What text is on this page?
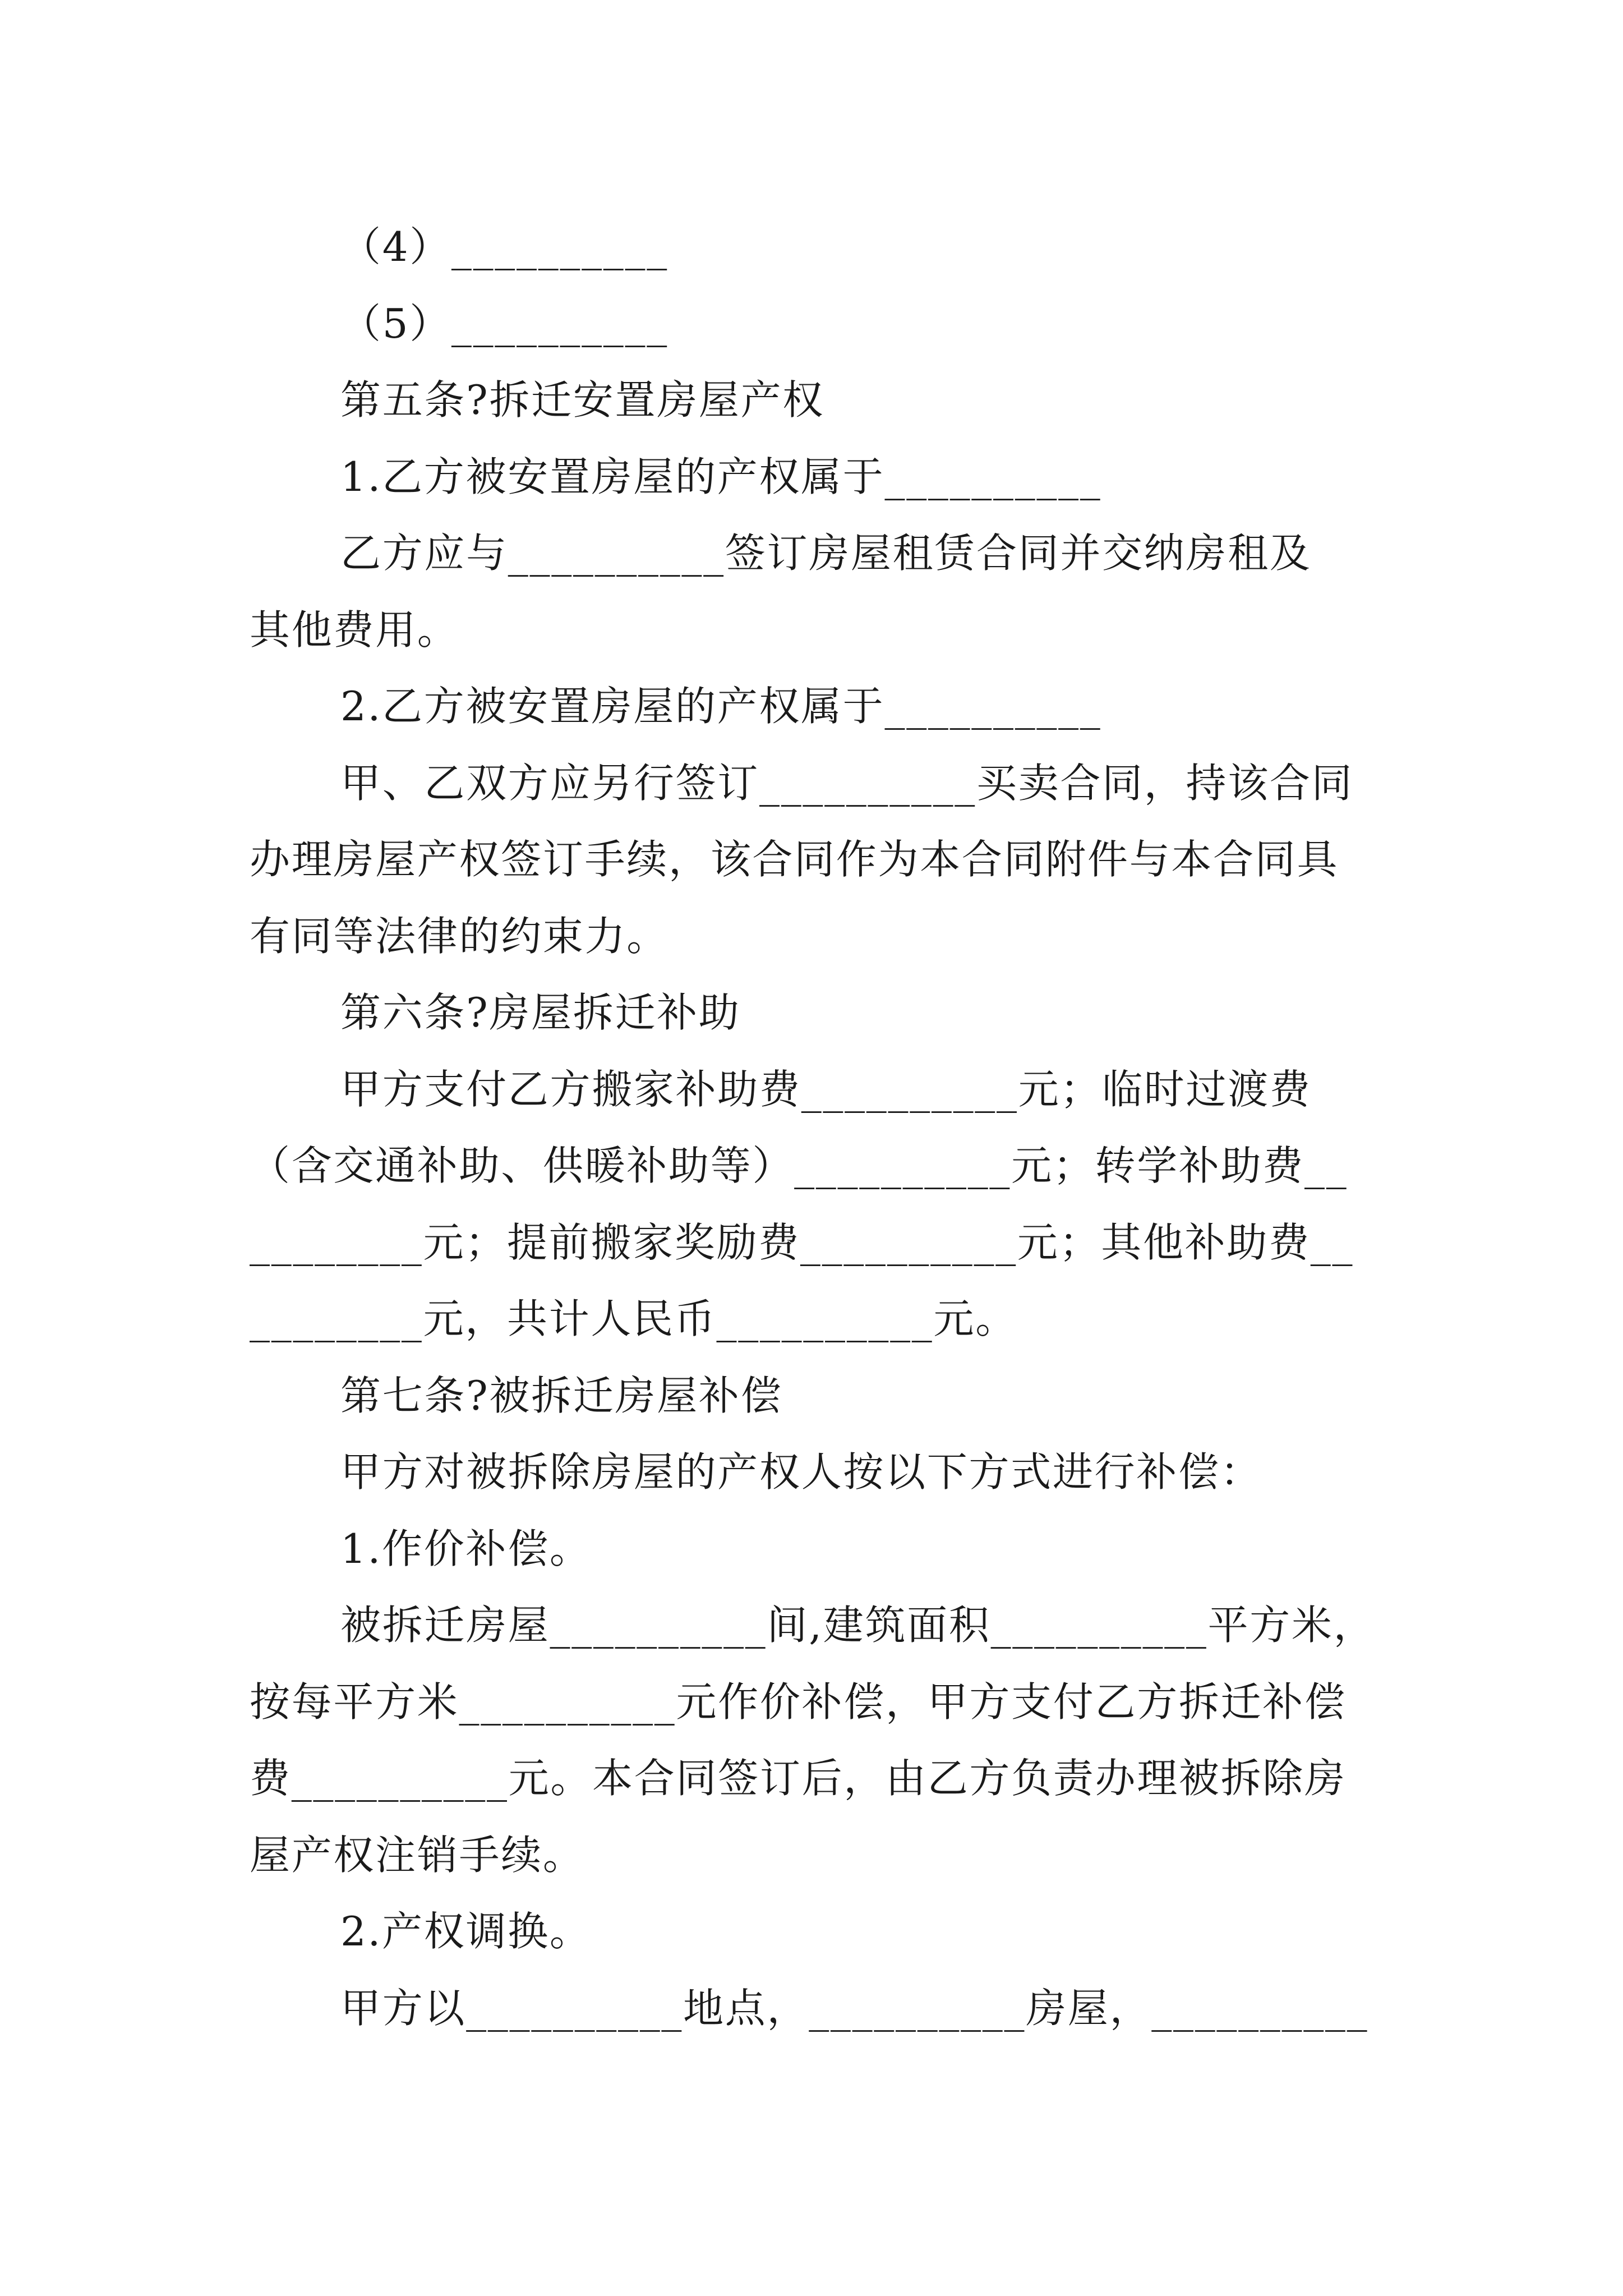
（4）__________
（5）__________
第五条?拆迁安置房屋产权
1.乙方被安置房屋的产权属于__________
乙方应与__________签订房屋租赁合同并交纳房租及
其他费用。
2.乙方被安置房屋的产权属于__________
甲、乙双方应另行签订__________买卖合同，持该合同
办理房屋产权签订手续，该合同作为本合同附件与本合同具
有同等法律的约束力。
第六条?房屋拆迁补助
甲方支付乙方搬家补助费__________元；临时过渡费
（含交通补助、供暖补助等）__________元；转学补助费__
________元；提前搬家奖励费__________元；其他补助费__
________元，共计人民币__________元。
第七条?被拆迁房屋补偿
甲方对被拆除房屋的产权人按以下方式进行补偿：
1.作价补偿。
被拆迁房屋__________间,建筑面积__________平方米，
按每平方米__________元作价补偿，甲方支付乙方拆迁补偿
费__________元。本合同签订后，由乙方负责办理被拆除房
屋产权注销手续。
2.产权调换。
甲方以__________地点，__________房屋，__________
